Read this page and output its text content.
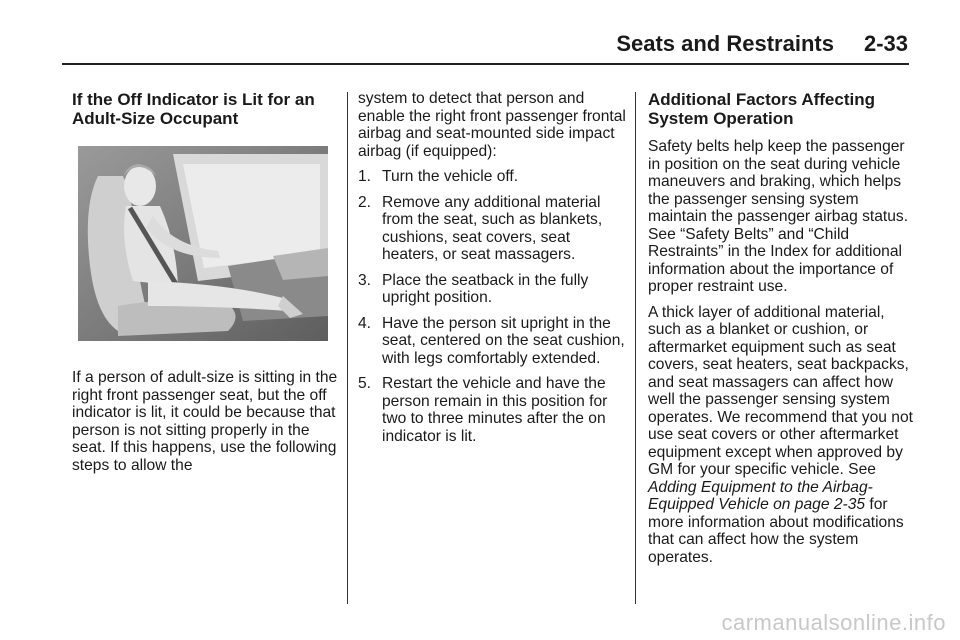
Seats and Restraints 2-33
If the Off Indicator is Lit for an Adult-Size Occupant

If a person of adult-size is sitting in the right front passenger seat, but the off indicator is lit, it could be because that person is not sitting properly in the seat. If this happens, use the following steps to allow the

system to detect that person and enable the right front passenger frontal airbag and seat-mounted side impact airbag (if equipped):

1. Turn the vehicle off.
2. Remove any additional material from the seat, such as blankets, cushions, seat covers, seat heaters, or seat massagers.
3. Place the seatback in the fully upright position.
4. Have the person sit upright in the seat, centered on the seat cushion, with legs comfortably extended.
5. Restart the vehicle and have the person remain in this position for two to three minutes after the on indicator is lit.
Additional Factors Affecting System Operation

Safety belts help keep the passenger in position on the seat during vehicle maneuvers and braking, which helps the passenger sensing system maintain the passenger airbag status. See “Safety Belts” and “Child Restraints” in the Index for additional information about the importance of proper restraint use.

A thick layer of additional material, such as a blanket or cushion, or aftermarket equipment such as seat covers, seat heaters, seat backpacks, and seat massagers can affect how well the passenger sensing system operates. We recommend that you not use seat covers or other aftermarket equipment except when approved by GM for your specific vehicle. See Adding Equipment to the Airbag-Equipped Vehicle on page 2-35 for more information about modifications that can affect how the system operates.

carmanualsonline.info
